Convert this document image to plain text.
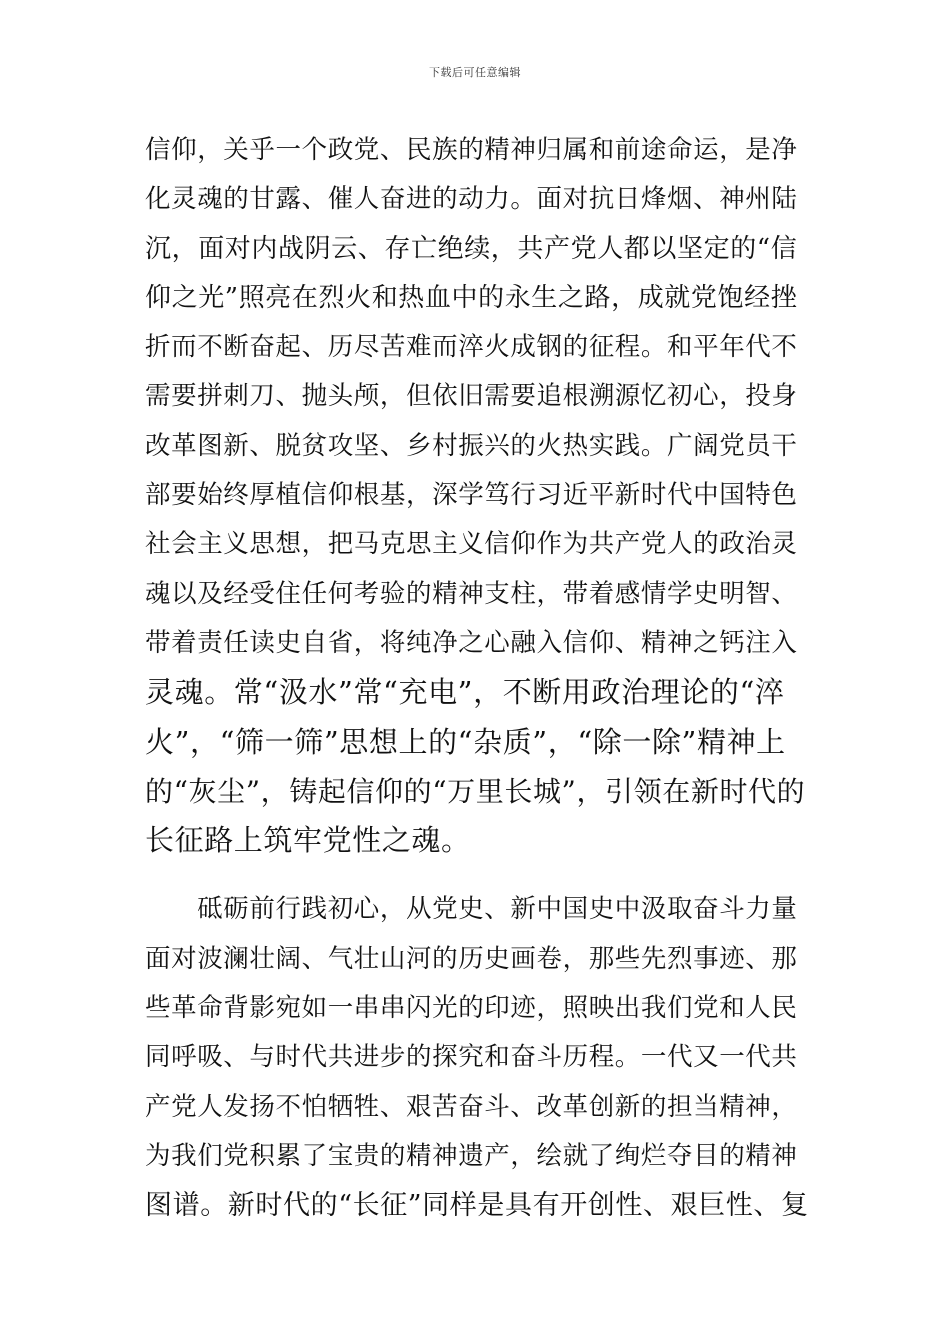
下载后可任意编辑
信仰，关乎一个政党、民族的精神归属和前途命运，是净
化灵魂的甘露、催人奋进的动力。面对抗日烽烟、神州陆
沉，面对内战阴云、存亡绝续，共产党人都以坚定的“信
仰之光”照亮在烈火和热血中的永生之路，成就党饱经挫
折而不断奋起、历尽苦难而淬火成钢的征程。和平年代不
需要拼刺刀、抛头颅，但依旧需要追根溯源忆初心，投身
改革图新、脱贫攻坚、乡村振兴的火热实践。广阔党员干
部要始终厚植信仰根基，深学笃行习近平新时代中国特色
社会主义思想，把马克思主义信仰作为共产党人的政治灵
魂以及经受住任何考验的精神支柱，带着感情学史明智、
带着责任读史自省，将纯净之心融入信仰、精神之钙注入
灵魂。常“汲水”常“充电”，不断用政治理论的“淬
火”，“筛一筛”思想上的“杂质”，“除一除”精神上
的“灰尘”，铸起信仰的“万里长城”，引领在新时代的
长征路上筑牢党性之魂。
　　砥砺前行践初心，从党史、新中国史中汲取奋斗力量
面对波澜壮阔、气壮山河的历史画卷，那些先烈事迹、那
些革命背影宛如一串串闪光的印迹，照映出我们党和人民
同呼吸、与时代共进步的探究和奋斗历程。一代又一代共
产党人发扬不怕牺牲、艰苦奋斗、改革创新的担当精神，
为我们党积累了宝贵的精神遗产，绘就了绚烂夺目的精神
图谱。新时代的“长征”同样是具有开创性、艰巨性、复
